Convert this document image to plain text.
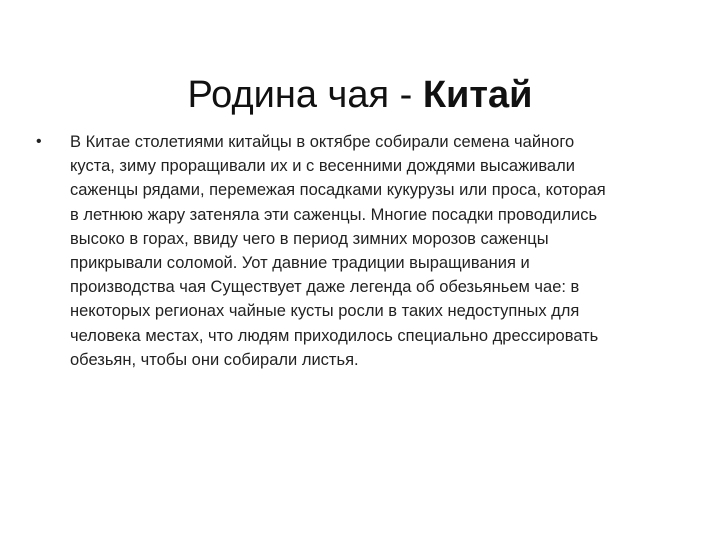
Родина чая - Китай
•	В Китае столетиями китайцы в октябре собирали семена чайного
куста, зиму проращивали их и с весенними дождями высаживали
саженцы рядами, перемежая посадками кукурузы или проса, которая
в летнюю жару затеняла эти саженцы. Многие посадки проводились
высоко в горах, ввиду чего в период зимних морозов саженцы
прикрывали соломой. Уот давние традиции выращивания и
производства чая Существует даже легенда об обезьяньем чае: в
некоторых регионах чайные кусты росли в таких недоступных для
человека местах, что людям приходилось специально дрессировать
обезьян, чтобы они собирали листья.
